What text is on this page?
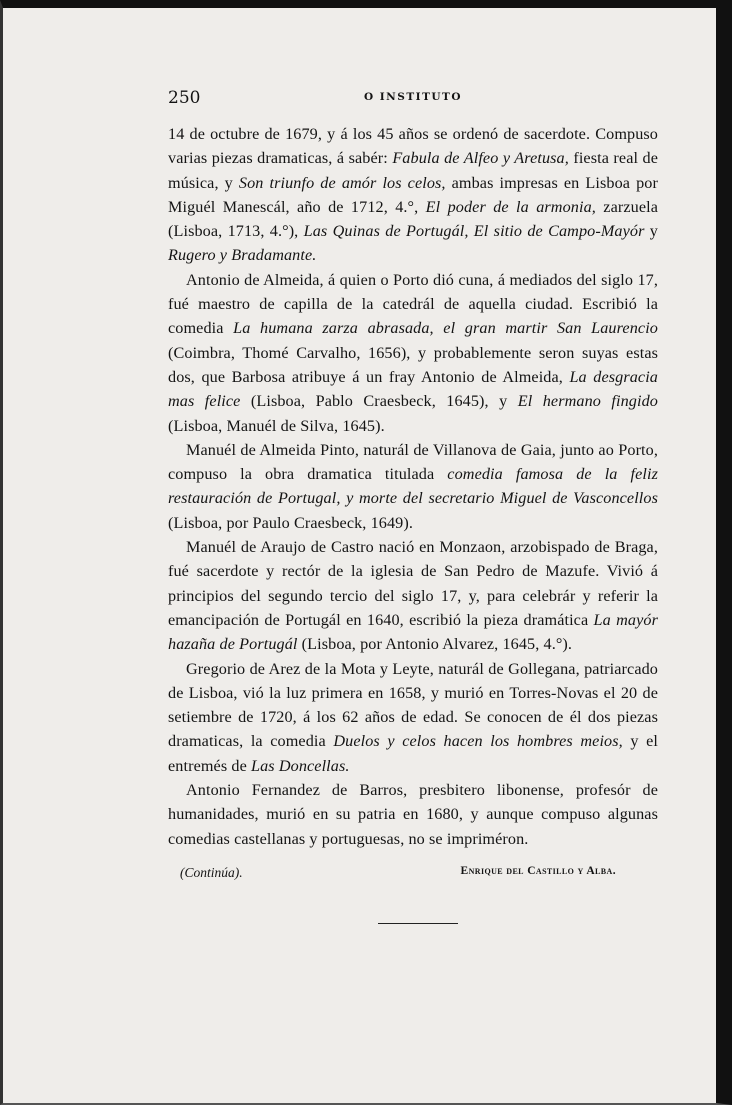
250	O INSTITUTO

14 de octubre de 1679, y á los 45 años se ordenó de sacerdote. Compuso varias piezas dramaticas, á sabér: Fabula de Alfeo y Aretusa, fiesta real de música, y Son triunfo de amór los celos, ambas impresas en Lisboa por Miguél Manescál, año de 1712, 4.°, El poder de la armonia, zarzuela (Lisboa, 1713, 4.°), Las Quinas de Portugál, El sitio de Campo-Mayór y Rugero y Bradamante.

Antonio de Almeida, á quien o Porto dió cuna, á mediados del siglo 17, fué maestro de capilla de la catedrál de aquella ciudad. Escribió la comedia La humana zarza abrasada, el gran martir San Laurencio (Coimbra, Thomé Carvalho, 1656), y probablemente seron suyas estas dos, que Barbosa atribuye á un fray Antonio de Almeida, La desgracia mas felice (Lisboa, Pablo Craesbeck, 1645), y El hermano fingido (Lisboa, Manuél de Silva, 1645).

Manuél de Almeida Pinto, naturál de Villanova de Gaia, junto ao Porto, compuso la obra dramatica titulada comedia famosa de la feliz restauración de Portugal, y morte del secretario Miguel de Vasconcellos (Lisboa, por Paulo Craesbeck, 1649).

Manuél de Araujo de Castro nació en Monzaon, arzobispado de Braga, fué sacerdote y rectór de la iglesia de San Pedro de Mazufe. Vivió á principios del segundo tercio del siglo 17, y, para celebrár y referir la emancipación de Portugál en 1640, escribió la pieza dramática La mayór hazaña de Portugál (Lisboa, por Antonio Alvarez, 1645, 4.°).

Gregorio de Arez de la Mota y Leyte, naturál de Gollegana, patriarcado de Lisboa, vió la luz primera en 1658, y murió en Torres-Novas el 20 de setiembre de 1720, á los 62 años de edad. Se conocen de él dos piezas dramaticas, la comedia Duelos y celos hacen los hombres meios, y el entremés de Las Doncellas.

Antonio Fernandez de Barros, presbitero libonense, profesór de humanidades, murió en su patria en 1680, y aunque compuso algunas comedias castellanas y portuguesas, no se impriméron.

(Continúa).	Enrique del Castillo y Alba.
